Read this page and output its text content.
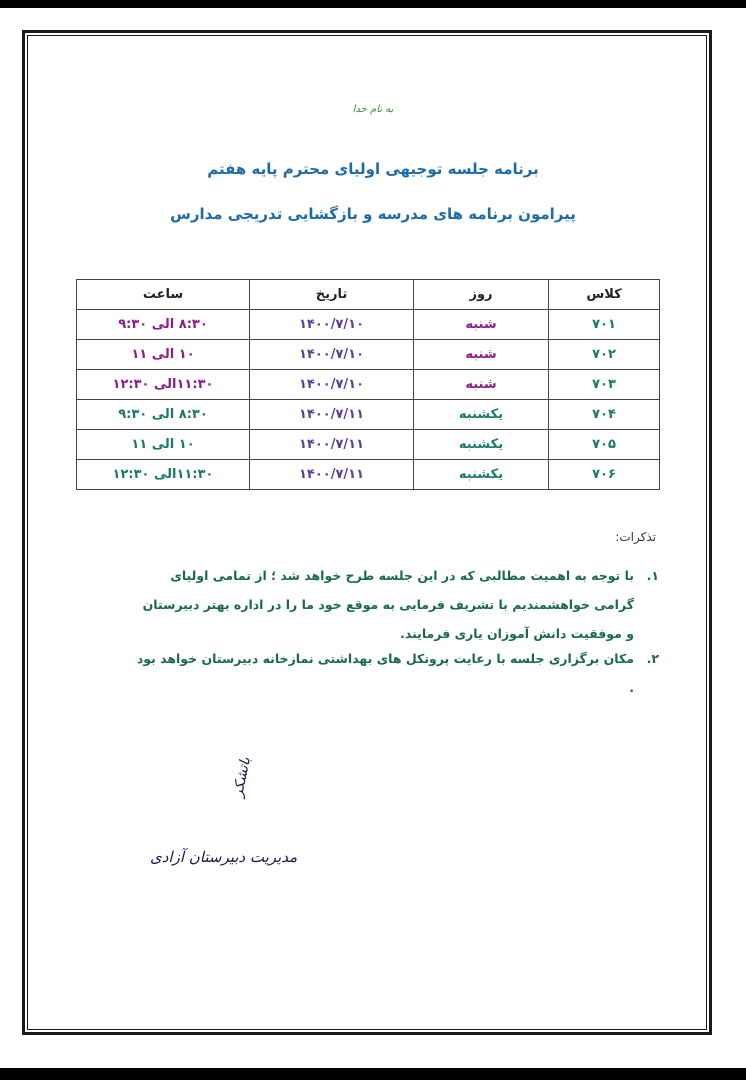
به نام خدا
برنامه جلسه توجیهی اولیای محترم پایه هفتم
پیرامون برنامه های مدرسه و بازگشایی تدریجی مدارس
کلاس	روز	تاریخ	ساعت
۷۰۱	شنبه	۱۴۰۰/۷/۱۰	۸:۳۰ الی ۹:۳۰
۷۰۲	شنبه	۱۴۰۰/۷/۱۰	۱۰ الی ۱۱
۷۰۳	شنبه	۱۴۰۰/۷/۱۰	۱۱:۳۰الی ۱۲:۳۰
۷۰۴	یکشنبه	۱۴۰۰/۷/۱۱	۸:۳۰ الی ۹:۳۰
۷۰۵	یکشنبه	۱۴۰۰/۷/۱۱	۱۰ الی ۱۱
۷۰۶	یکشنبه	۱۴۰۰/۷/۱۱	۱۱:۳۰الی ۱۲:۳۰
تذکرات:
۱.
با توجه به اهمیت مطالبی که در این جلسه طرح خواهد شد ؛ از تمامی اولیای گرامی خواهشمندیم با تشریف فرمایی به موقع خود ما را در اداره بهتر دبیرستان و موفقیت دانش آموزان یاری فرمایند.
۲.
مکان برگزاری جلسه با رعایت پروتکل های بهداشتی نمازخانه دبیرستان خواهد بود .
باتشکر
مدیریت دبیرستان آزادی
